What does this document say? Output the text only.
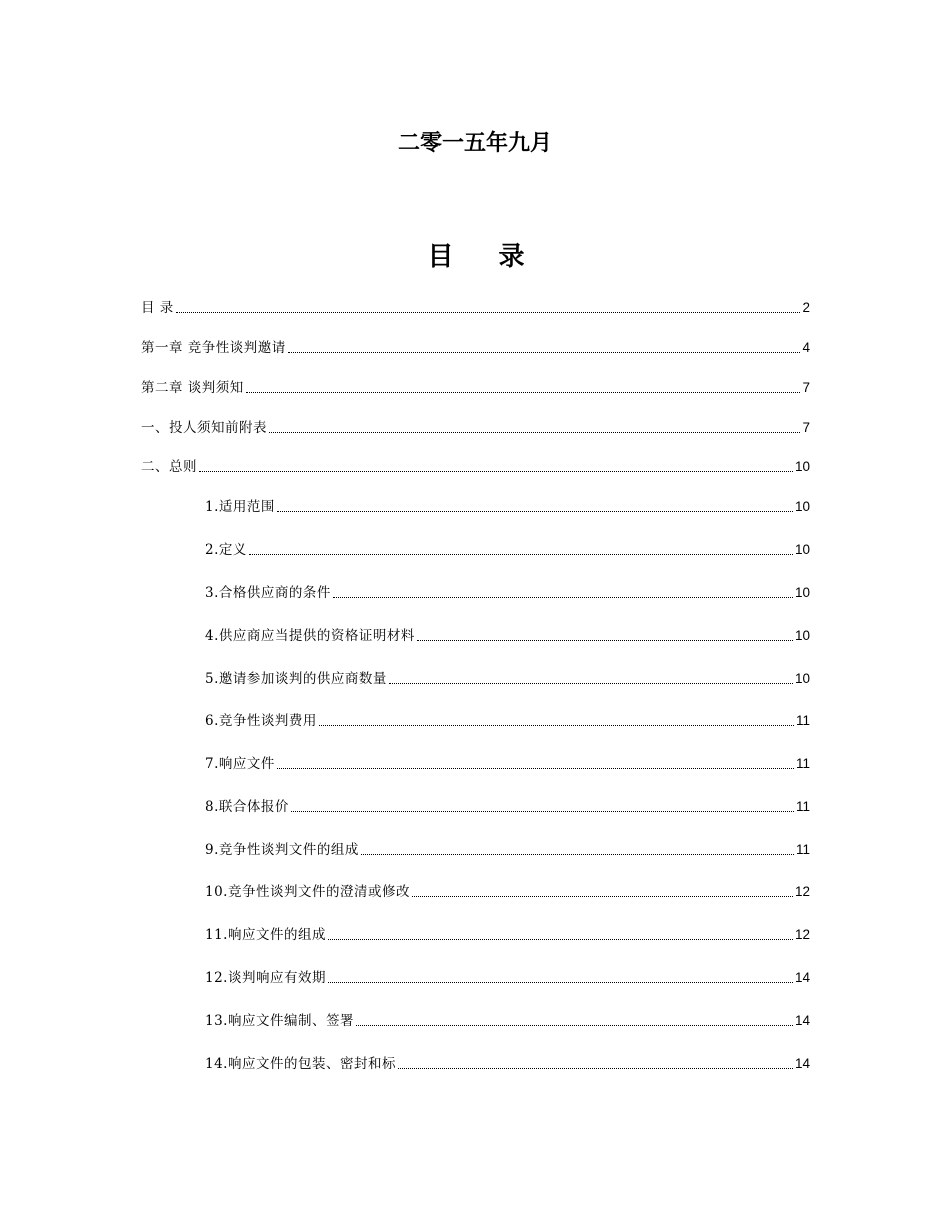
二零一五年九月
目 录
目 录	2
第一章 竞争性谈判邀请	4
第二章 谈判须知	7
一、投人须知前附表	7
二、总则	10
1.适用范围	10
2.定义	10
3.合格供应商的条件	10
4.供应商应当提供的资格证明材料	10
5.邀请参加谈判的供应商数量	10
6.竞争性谈判费用	11
7.响应文件	11
8.联合体报价	11
9.竞争性谈判文件的组成	11
10.竞争性谈判文件的澄清或修改	12
11.响应文件的组成	12
12.谈判响应有效期	14
13.响应文件编制、签署	14
14.响应文件的包装、密封和标	14
